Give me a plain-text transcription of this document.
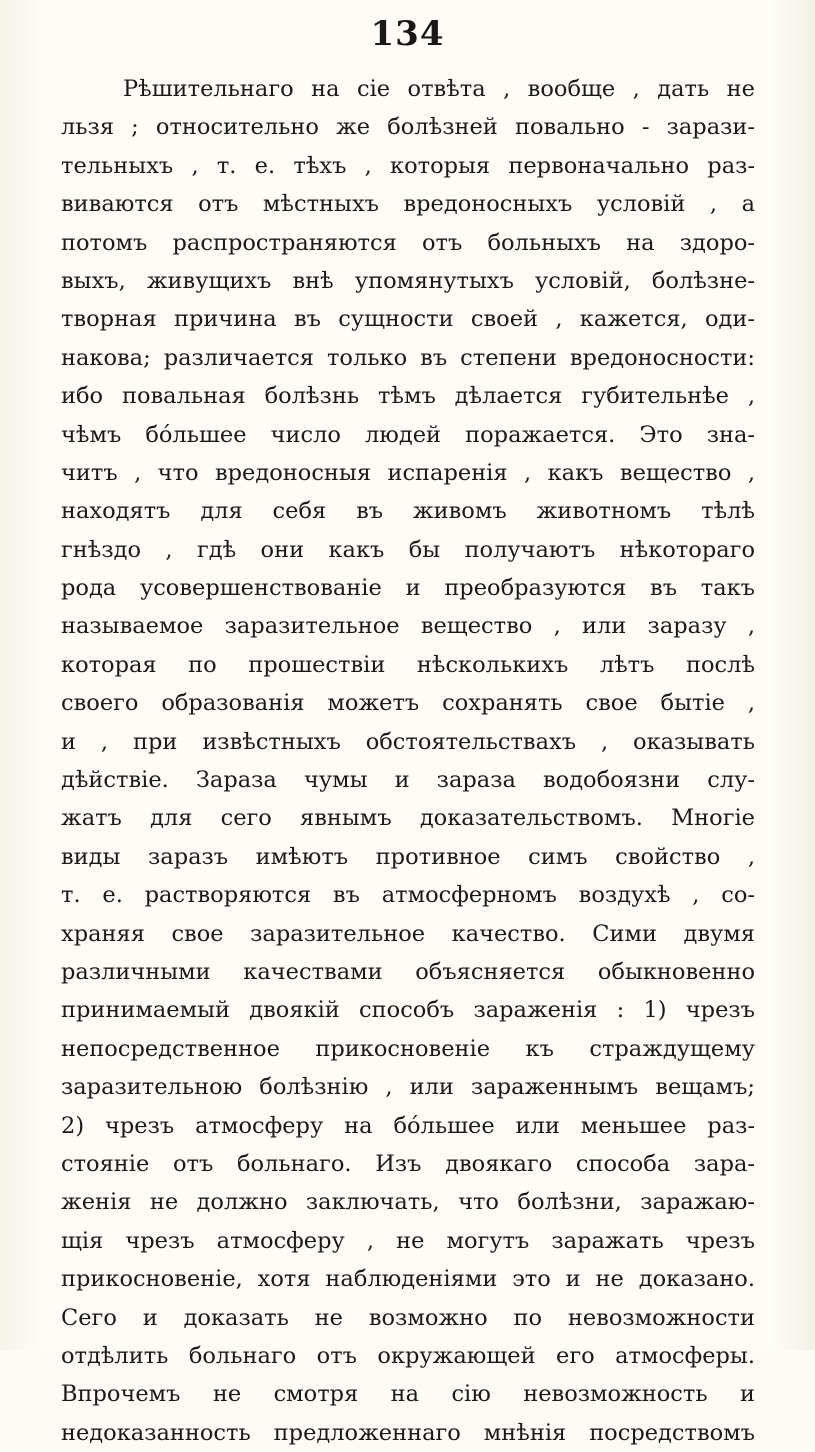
134
Рѣшительнаго на сіе отвѣта , вообще , дать не
льзя ; относительно же болѣзней повально - зарази-
тельныхъ , т. е. тѣхъ , которыя первоначально раз-
виваются отъ мѣстныхъ вредоносныхъ условій , а
потомъ распространяются отъ больныхъ на здоро-
выхъ, живущихъ внѣ упомянутыхъ условій, болѣзне-
творная причина въ сущности своей , кажется, оди-
накова; различается только въ степени вредоносности:
ибо повальная болѣзнь тѣмъ дѣлается губительнѣе ,
чѣмъ бóльшее число людей поражается. Это зна-
читъ , что вредоносныя испаренія , какъ вещество ,
находятъ для себя въ живомъ животномъ тѣлѣ
гнѣздо , гдѣ они какъ бы получаютъ нѣкотораго
рода усовершенствованіе и преобразуются въ такъ
называемое заразительное вещество , или заразу ,
которая по прошествіи нѣсколькихъ лѣтъ послѣ
своего образованія можетъ сохранять свое бытіе ,
и , при извѣстныхъ обстоятельствахъ , оказывать
дѣйствіе. Зараза чумы и зараза водобоязни слу-
жатъ для сего явнымъ доказательствомъ. Многіе
виды заразъ имѣютъ противное симъ свойство ,
т. е. растворяются въ атмосферномъ воздухѣ , со-
храняя свое заразительное качество. Сими двумя
различными качествами объясняется обыкновенно
принимаемый двоякій способъ зараженія : 1) чрезъ
непосредственное прикосновеніе къ страждущему
заразительною болѣзнію , или зараженнымъ вещамъ;
2) чрезъ атмосферу на бóльшее или меньшее раз-
стояніе отъ больнаго. Изъ двоякаго способа зара-
женія не должно заключать, что болѣзни, заражаю-
щія чрезъ атмосферу , не могутъ заражать чрезъ
прикосновеніе, хотя наблюденіями это и не доказано.
Сего и доказать не возможно по невозможности
отдѣлить больнаго отъ окружающей его атмосферы.
Впрочемъ не смотря на сію невозможность и
недоказанность предложеннаго мнѣнія посредствомъ
